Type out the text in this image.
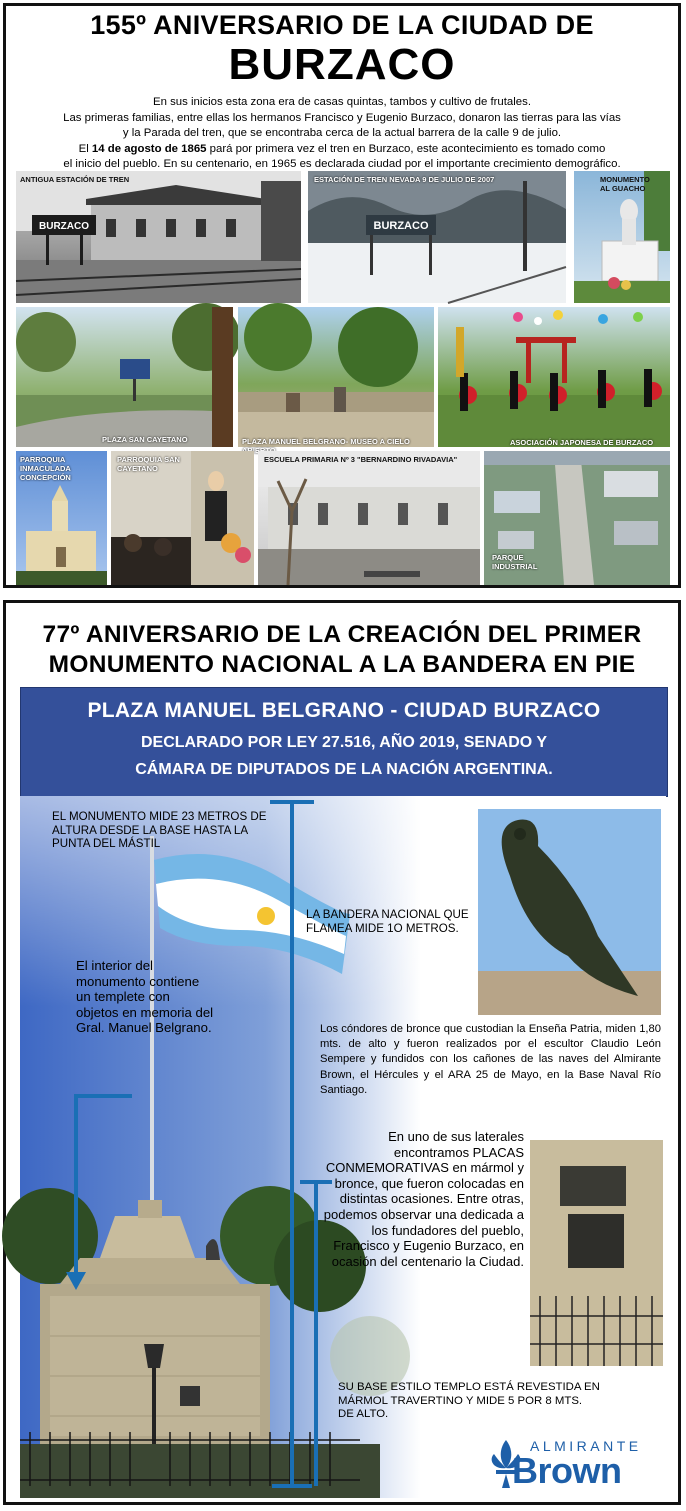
155º ANIVERSARIO DE LA CIUDAD DE
BURZACO
En sus inicios esta zona era de casas quintas, tambos y cultivo de frutales.
Las primeras familias, entre ellas los hermanos Francisco y Eugenio Burzaco, donaron las tierras para las vías
y la Parada del tren, que se encontraba cerca de la actual barrera de la calle 9 de julio.
El 14 de agosto de 1865 pará por primera vez el tren en Burzaco, este acontecimiento es tomado como
el inicio del pueblo. En su centenario, en 1965 es declarada ciudad por el importante crecimiento demográfico.
BURZACO
ANTIGUA ESTACIÓN DE TREN
BURZACO
ESTACIÓN DE TREN NEVADA 9 DE JULIO DE 2007	MONUMENTO AL GUACHO
PLAZA SAN CAYETANO	PLAZA MANUEL BELGRANO- MUSEO A CIELO	ASOCIACIÓN JAPONESA DE BURZACO
PARROQUIA INMACULADA CONCEPCIÓN
PARROQUIA SAN CAYETANO
ESCUELA PRIMARIA Nº 3 "BERNARDINO RIVADAVIA"
PARQUE INDUSTRIAL
77º ANIVERSARIO DE LA CREACIÓN DEL PRIMER
MONUMENTO NACIONAL A LA BANDERA EN PIE
PLAZA MANUEL BELGRANO - CIUDAD BURZACO
DECLARADO POR LEY 27.516, AÑO 2019, SENADO Y
CÁMARA DE DIPUTADOS DE LA NACIÓN ARGENTINA.
EL MONUMENTO MIDE 23 METROS DE ALTURA DESDE LA BASE HASTA LA PUNTA DEL MÁSTIL
LA BANDERA NACIONAL QUE FLAMEA MIDE 1O METROS.
El interior del monumento contiene un templete con objetos en memoria del Gral. Manuel Belgrano.	Los cóndores de bronce que custodian la Enseña Patria, miden 1,80 mts. de alto y fueron realizados por el escultor Claudio León Sempere y fundidos con los cañones de las naves del Almirante Brown, el Hércules y el ARA 25 de Mayo, en la Base Naval Río Santiago.
En uno de sus laterales encontramos PLACAS CONMEMORATIVAS en mármol y bronce, que fueron colocadas en distintas ocasiones. Entre otras, podemos observar una dedicada a los fundadores del pueblo, Francisco y Eugenio Burzaco, en ocasión del centenario la Ciudad.
SU BASE ESTILO TEMPLO ESTÁ REVESTIDA EN MÁRMOL TRAVERTINO Y MIDE 5 POR 8 MTS. DE ALTO.
ALMIRANTE
Brown
